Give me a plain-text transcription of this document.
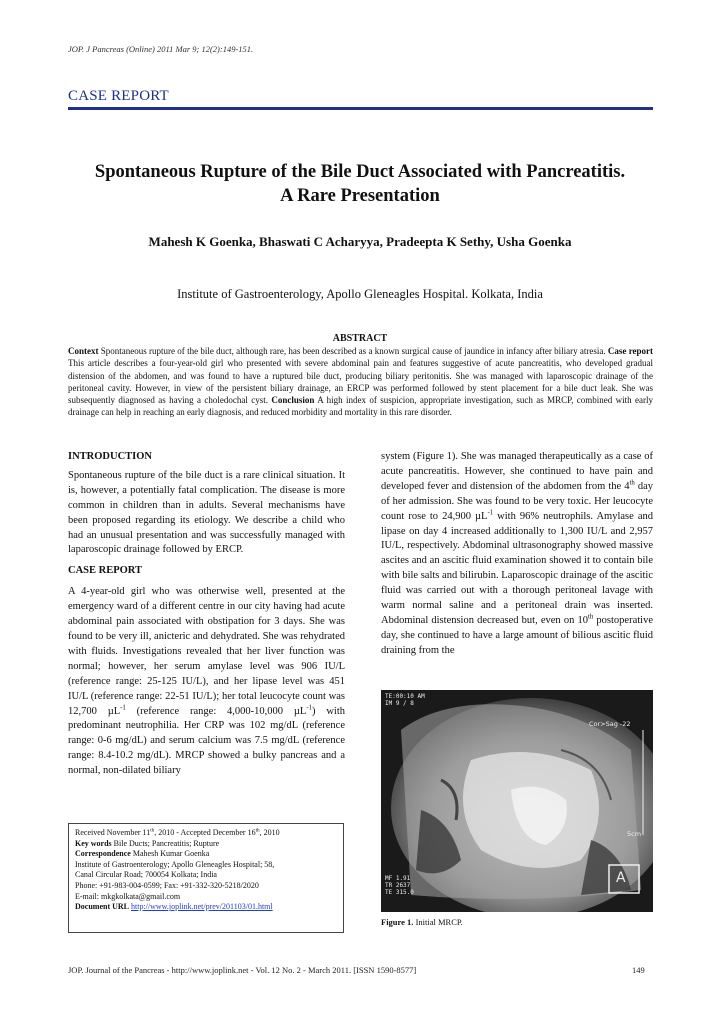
JOP. J Pancreas (Online) 2011 Mar 9; 12(2):149-151.
CASE REPORT
Spontaneous Rupture of the Bile Duct Associated with Pancreatitis.
A Rare Presentation
Mahesh K Goenka, Bhaswati C Acharyya, Pradeepta K Sethy, Usha Goenka
Institute of Gastroenterology, Apollo Gleneagles Hospital. Kolkata, India
ABSTRACT
Context Spontaneous rupture of the bile duct, although rare, has been described as a known surgical cause of jaundice in infancy after biliary atresia. Case report This article describes a four-year-old girl who presented with severe abdominal pain and features suggestive of acute pancreatitis, who developed gradual distension of the abdomen, and was found to have a ruptured bile duct, producing biliary peritonitis. She was managed with laparoscopic drainage of the peritoneal cavity. However, in view of the persistent biliary drainage, an ERCP was performed followed by stent placement for a bile duct leak. She was subsequently diagnosed as having a choledochal cyst. Conclusion A high index of suspicion, appropriate investigation, such as MRCP, combined with early drainage can help in reaching an early diagnosis, and reduced morbidity and mortality in this rare disorder.
INTRODUCTION
Spontaneous rupture of the bile duct is a rare clinical situation. It is, however, a potentially fatal complication. The disease is more common in children than in adults. Several mechanisms have been proposed regarding its etiology. We describe a child who had an unusual presentation and was successfully managed with laparoscopic drainage followed by ERCP.
CASE REPORT
A 4-year-old girl who was otherwise well, presented at the emergency ward of a different centre in our city having had acute abdominal pain associated with obstipation for 3 days. She was found to be very ill, anicteric and dehydrated. She was rehydrated with fluids. Investigations revealed that her liver function was normal; however, her serum amylase level was 906 IU/L (reference range: 25-125 IU/L), and her lipase level was 451 IU/L (reference range: 22-51 IU/L); her total leucocyte count was 12,700 µL$^{-1}$ (reference range: 4,000-10,000 µL$^{-1}$) with predominant neutrophilia. Her CRP was 102 mg/dL (reference range: 0-6 mg/dL) and serum calcium was 7.5 mg/dL (reference range: 8.4-10.2 mg/dL). MRCP showed a bulky pancreas and a normal, non-dilated biliary
system (Figure 1). She was managed therapeutically as a case of acute pancreatitis. However, she continued to have pain and developed fever and distension of the abdomen from the 4th day of her admission. She was found to be very toxic. Her leucocyte count rose to 24,900 µL$^{-1}$ with 96% neutrophils. Amylase and lipase on day 4 increased additionally to 1,300 IU/L and 2,957 IU/L, respectively. Abdominal ultrasonography showed massive ascites and an ascitic fluid examination showed it to contain bile with bile salts and bilirubin. Laparoscopic drainage of the ascitic fluid was carried out with a thorough peritoneal lavage with warm normal saline and a peritoneal drain was inserted. Abdominal distension decreased but, even on 10th postoperative day, she continued to have a large amount of bilious ascitic fluid draining from the
TE:00:10 AM
IM 9 / 8
Cor>Sag -22
5cm
MF 1.91
TR 2637
TE 315.0
A
Figure 1. Initial MRCP.
Received November 11th, 2010 - Accepted December 16th, 2010
Key words Bile Ducts; Pancreatitis; Rupture
Correspondence Mahesh Kumar Goenka
Institute of Gastroenterology; Apollo Gleneagles Hospital; 58,
Canal Circular Road; 700054 Kolkata; India
Phone: +91-983-004-0599; Fax: +91-332-320-5218/2020
E-mail: mkgkolkata@gmail.com
Document URL http://www.joplink.net/prev/201103/01.html
JOP. Journal of the Pancreas - http://www.joplink.net - Vol. 12 No. 2 - March 2011. [ISSN 1590-8577]	149
